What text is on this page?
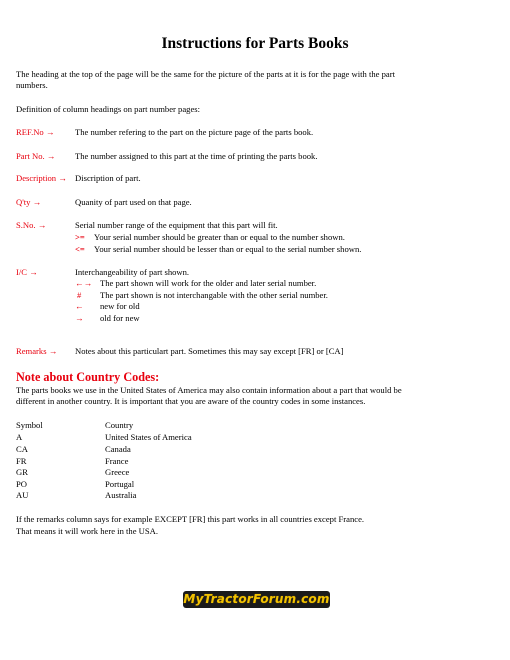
Instructions for Parts Books
The heading at the top of the page will be the same for the picture of the parts at it is for the page with the part
numbers.
Definition of column headings on part number pages:
REF.No → The number refering to the part on the picture page of the parts book.
Part No. → The number assigned to this part at the time of printing the parts book.
Description → Discription of part.
Q'ty →	Quanity of part used on that page.
S.No. →	Serial number range of the equipment that this part will fit.
>= Your serial number should be greater than or equal to the number shown.
<= Your serial number should be lesser than or equal to the serial number shown.
I/C →	Interchangeability of part shown.
←→ The part shown will work for the older and later serial number.
# The part shown is not interchangable with the other serial number.
← new for old
→ old for new
Remarks → Notes about this particulart part. Sometimes this may say except [FR] or [CA]
Note about Country Codes:
The parts books we use in the United States of America may also contain information about a part that would be
different in another country. It is important that you are aware of the country codes in some instances.
Symbol	Country
A	United States of America
CA	Canada
FR	France
GR	Greece
PO	Portugal
AU	Australia
If the remarks column says for example EXCEPT [FR] this part works in all countries except France.
That means it will work here in the USA.
MyTractorForum.com
